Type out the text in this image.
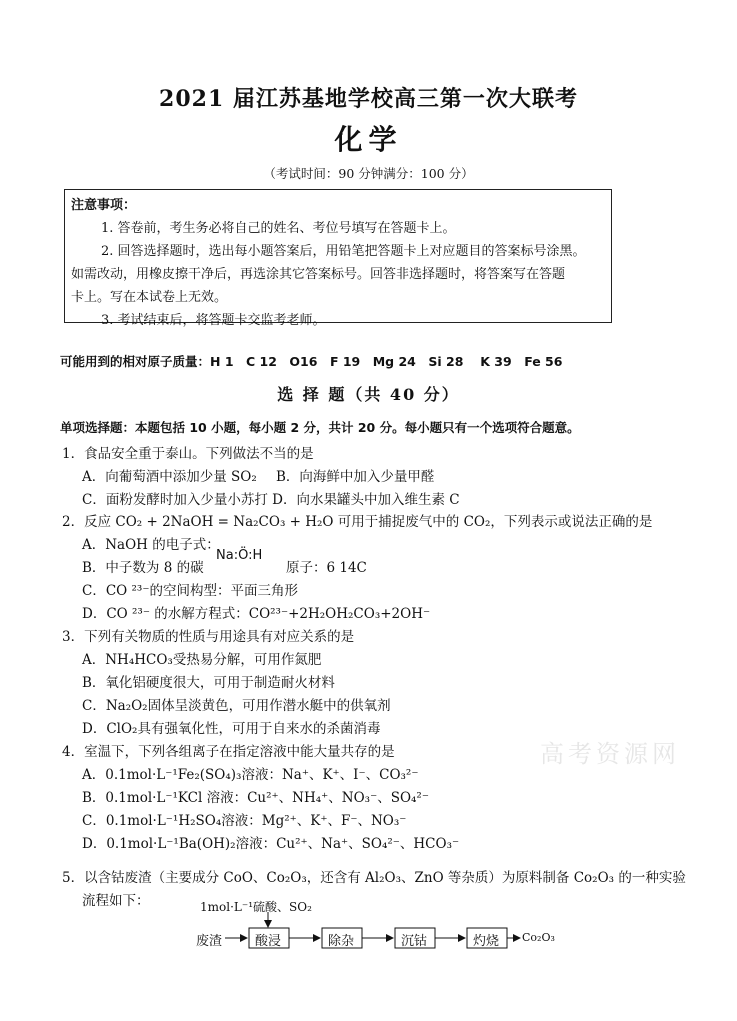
2021 届江苏基地学校高三第一次大联考
化学
（考试时间：90 分钟满分：100 分）
注意事项：
1. 答卷前，考生务必将自己的姓名、考位号填写在答题卡上。
2. 回答选择题时，选出每小题答案后，用铅笔把答题卡上对应题目的答案标号涂黑。
如需改动，用橡皮擦干净后，再选涂其它答案标号。回答非选择题时，将答案写在答题
卡上。写在本试卷上无效。
3. 考试结束后，将答题卡交监考老师。
可能用到的相对原子质量：H 1　C 12　O16　F 19　Mg 24　Si 28　 K 39　Fe 56
选 择 题（共 40 分）
单项选择题：本题包括 10 小题，每小题 2 分，共计 20 分。每小题只有一个选项符合题意。
1．食品安全重于泰山。下列做法不当的是
A．向葡萄酒中添加少量 SO₂ B．向海鲜中加入少量甲醛
C．面粉发酵时加入少量小苏打 D．向水果罐头中加入维生素 C
2．反应 CO₂ + 2NaOH = Na₂CO₃ + H₂O 可用于捕捉废气中的 CO₂，下列表示或说法正确的是
A．NaOH 的电子式：
B．中子数为 8 的碳
Na:Ö:H
原子：6 14C
C．CO ²³⁻的空间构型：平面三角形
D．CO ²³⁻ 的水解方程式：CO²³⁻+2H₂OH₂CO₃+2OH⁻
3．下列有关物质的性质与用途具有对应关系的是
A．NH₄HCO₃受热易分解，可用作氮肥
B．氧化铝硬度很大，可用于制造耐火材料
C．Na₂O₂固体呈淡黄色，可用作潜水艇中的供氧剂
D．ClO₂具有强氧化性，可用于自来水的杀菌消毒
4．室温下，下列各组离子在指定溶液中能大量共存的是
A．0.1mol·L⁻¹Fe₂(SO₄)₃溶液：Na⁺、K⁺、I⁻、CO₃²⁻
B．0.1mol·L⁻¹KCl 溶液：Cu²⁺、NH₄⁺、NO₃⁻、SO₄²⁻
C．0.1mol·L⁻¹H₂SO₄溶液：Mg²⁺、K⁺、F⁻、NO₃⁻
D．0.1mol·L⁻¹Ba(OH)₂溶液：Cu²⁺、Na⁺、SO₄²⁻、HCO₃⁻
高考资源网
5．以含钴废渣（主要成分 CoO、Co₂O₃，还含有 Al₂O₃、ZnO 等杂质）为原料制备 Co₂O₃ 的一种实验
流程如下：	1mol·L⁻¹硫酸、SO₂
废渣	酸浸	除杂	沉钴	灼烧 Co₂O₃
